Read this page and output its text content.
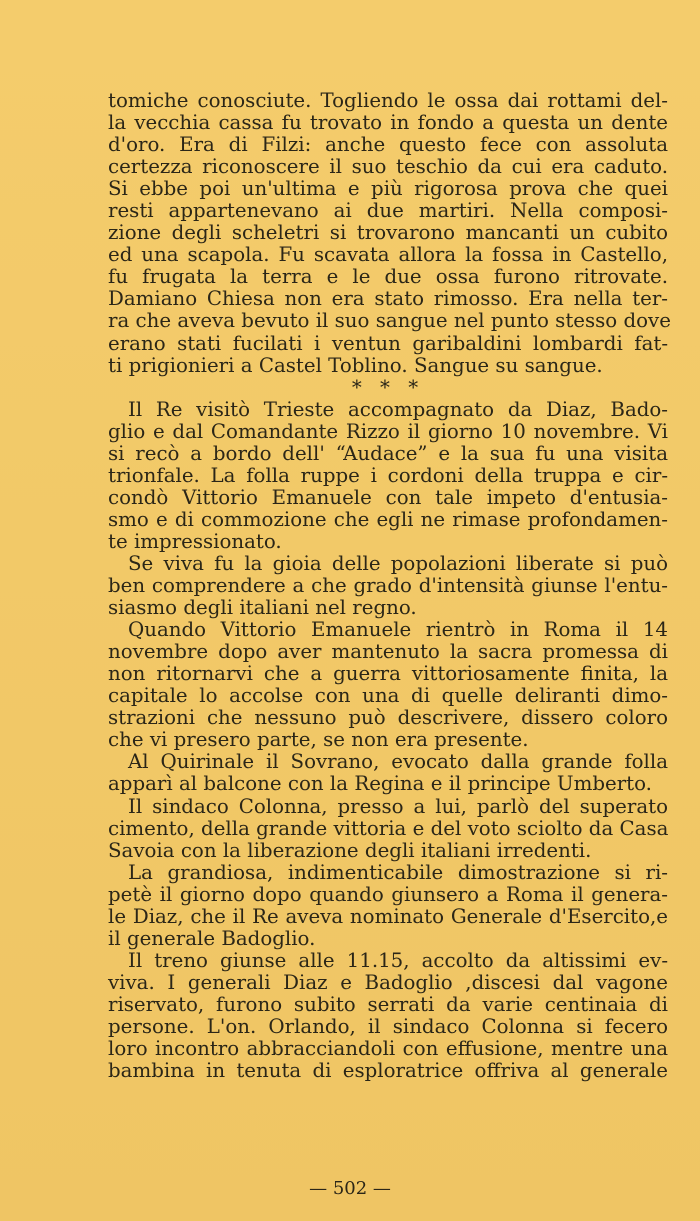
tomiche conosciute. Togliendo le ossa dai rottami del-
la vecchia cassa fu trovato in fondo a questa un dente
d'oro. Era di Filzi: anche questo fece con assoluta
certezza riconoscere il suo teschio da cui era caduto.
Si ebbe poi un'ultima e più rigorosa prova che quei
resti appartenevano ai due martiri. Nella composi-
zione degli scheletri si trovarono mancanti un cubito
ed una scapola. Fu scavata allora la fossa in Castello,
fu frugata la terra e le due ossa furono ritrovate.
Damiano Chiesa non era stato rimosso. Era nella ter-
ra che aveva bevuto il suo sangue nel punto stesso dove
erano stati fucilati i ventun garibaldini lombardi fat-
ti prigionieri a Castel Toblino. Sangue su sangue.
* * *
Il Re visitò Trieste accompagnato da Diaz, Bado-
glio e dal Comandante Rizzo il giorno 10 novembre. Vi
si recò a bordo dell' “Audace” e la sua fu una visita
trionfale. La folla ruppe i cordoni della truppa e cir-
condò Vittorio Emanuele con tale impeto d'entusia-
smo e di commozione che egli ne rimase profondamen-
te impressionato.
Se viva fu la gioia delle popolazioni liberate si può
ben comprendere a che grado d'intensità giunse l'entu-
siasmo degli italiani nel regno.
Quando Vittorio Emanuele rientrò in Roma il 14
novembre dopo aver mantenuto la sacra promessa di
non ritornarvi che a guerra vittoriosamente finita, la
capitale lo accolse con una di quelle deliranti dimo-
strazioni che nessuno può descrivere, dissero coloro
che vi presero parte, se non era presente.
Al Quirinale il Sovrano, evocato dalla grande folla
apparì al balcone con la Regina e il principe Umberto.
Il sindaco Colonna, presso a lui, parlò del superato
cimento, della grande vittoria e del voto sciolto da Casa
Savoia con la liberazione degli italiani irredenti.
La grandiosa, indimenticabile dimostrazione si ri-
petè il giorno dopo quando giunsero a Roma il genera-
le Diaz, che il Re aveva nominato Generale d'Esercito,e
il generale Badoglio.
Il treno giunse alle 11.15, accolto da altissimi ev-
viva. I generali Diaz e Badoglio ,discesi dal vagone
riservato, furono subito serrati da varie centinaia di
persone. L'on. Orlando, il sindaco Colonna si fecero
loro incontro abbracciandoli con effusione, mentre una
bambina in tenuta di esploratrice offriva al generale
— 502 —
